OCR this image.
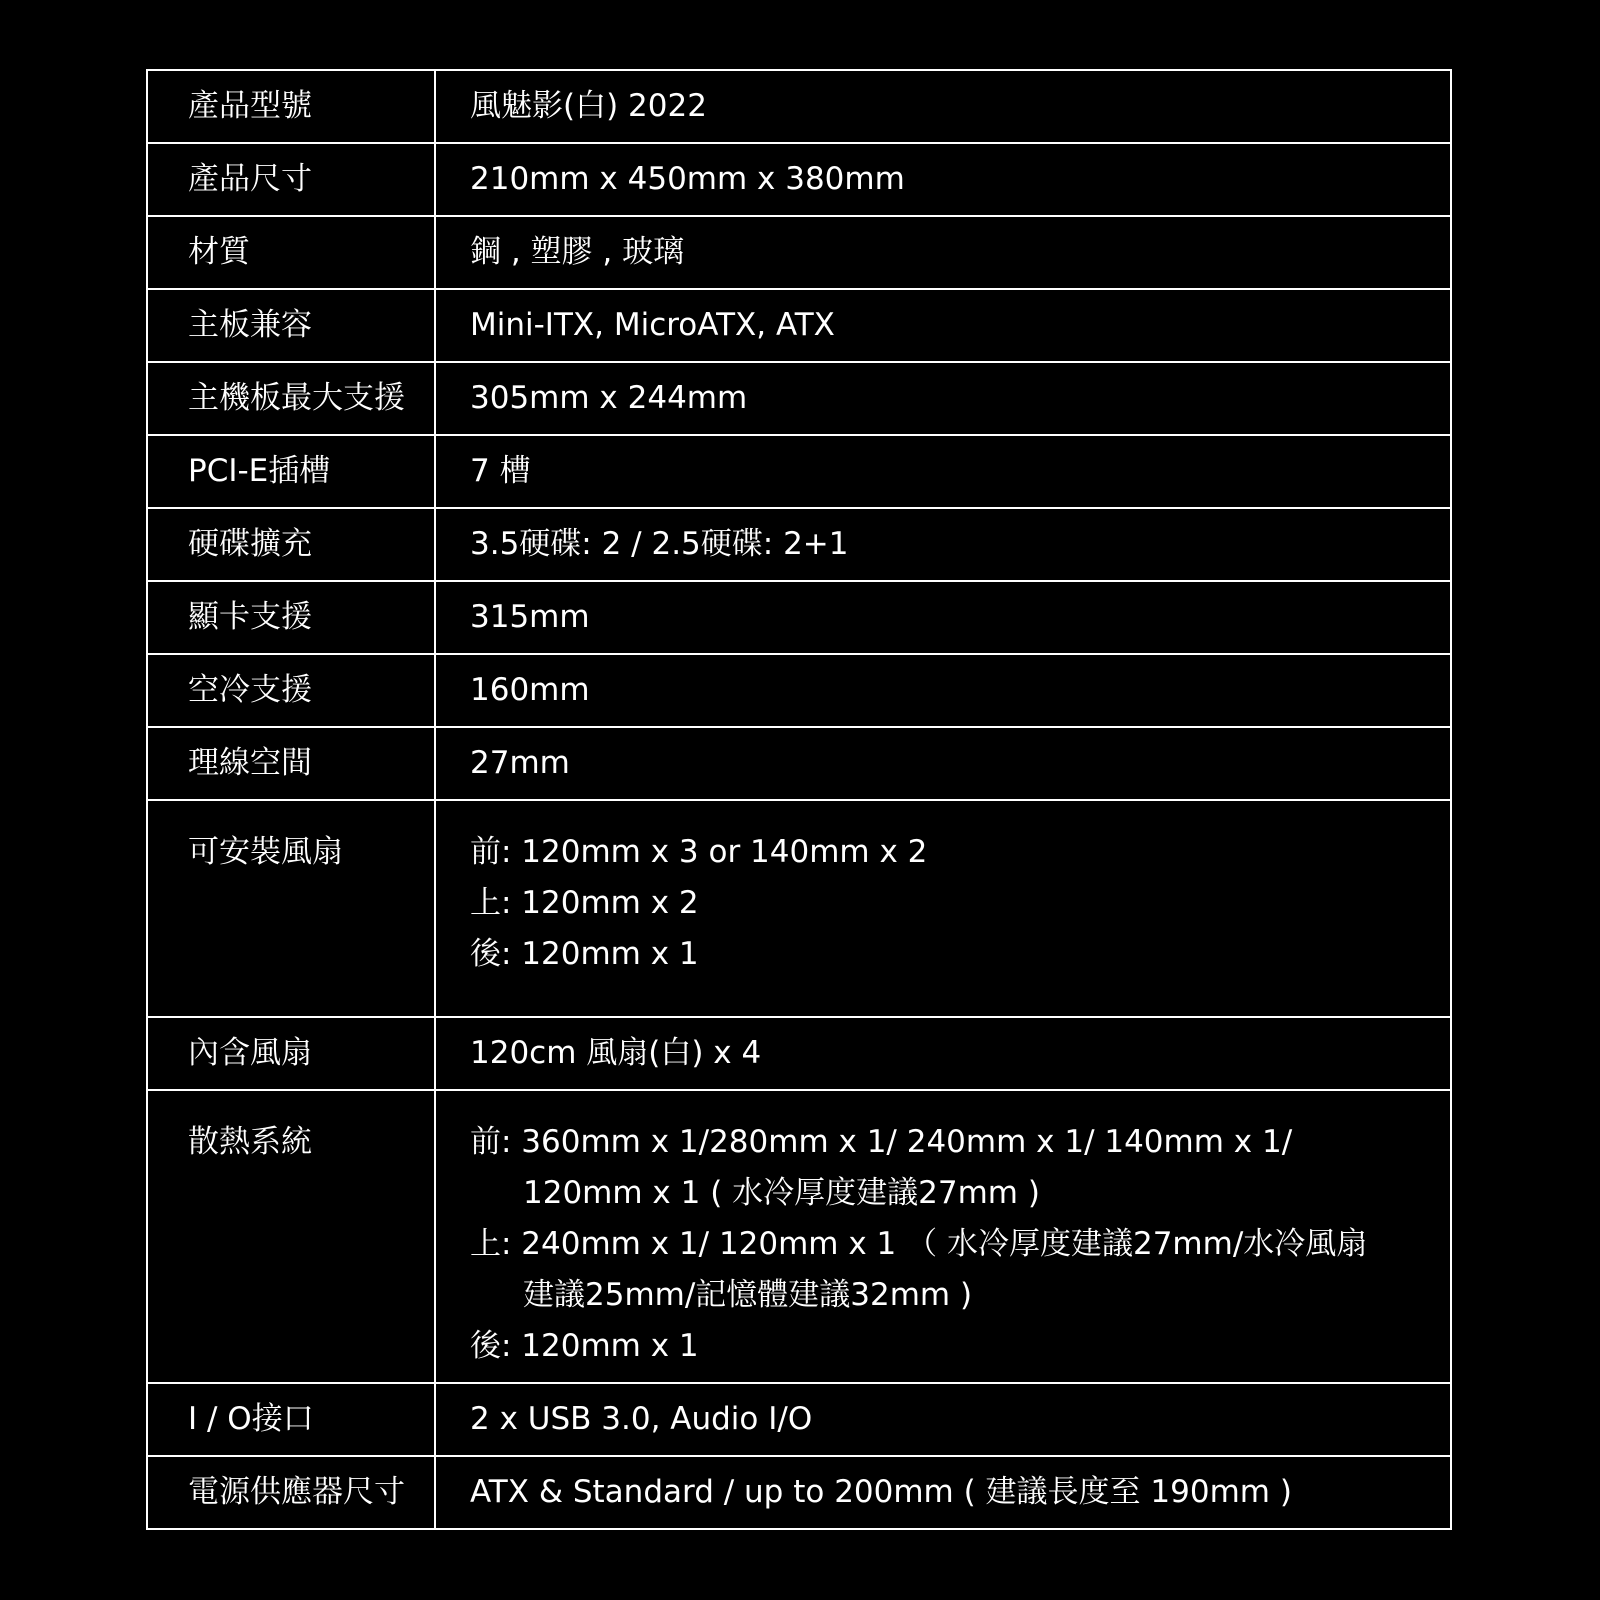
產品型號	風魅影(白) 2022

產品尺寸	210mm x 450mm x 380mm

材質	鋼 , 塑膠 , 玻璃

主板兼容	Mini-ITX, MicroATX, ATX

主機板最大支援	305mm x 244mm

PCI-E插槽	7 槽

硬碟擴充	3.5硬碟: 2 / 2.5硬碟: 2+1

顯卡支援	315mm

空冷支援	160mm

理線空間	27mm

可安裝風扇	前: 120mm x 3 or 140mm x 2
上: 120mm x 2
後: 120mm x 1

內含風扇	120cm 風扇(白) x 4

散熱系統	前: 360mm x 1/280mm x 1/ 240mm x 1/ 140mm x 1/
120mm x 1 ( 水冷厚度建議27mm )
上: 240mm x 1/ 120mm x 1 （ 水冷厚度建議27mm/水冷風扇
建議25mm/記憶體建議32mm )
後: 120mm x 1

I / O接口	2 x USB 3.0, Audio I/O

電源供應器尺寸	ATX & Standard / up to 200mm ( 建議長度至 190mm )
